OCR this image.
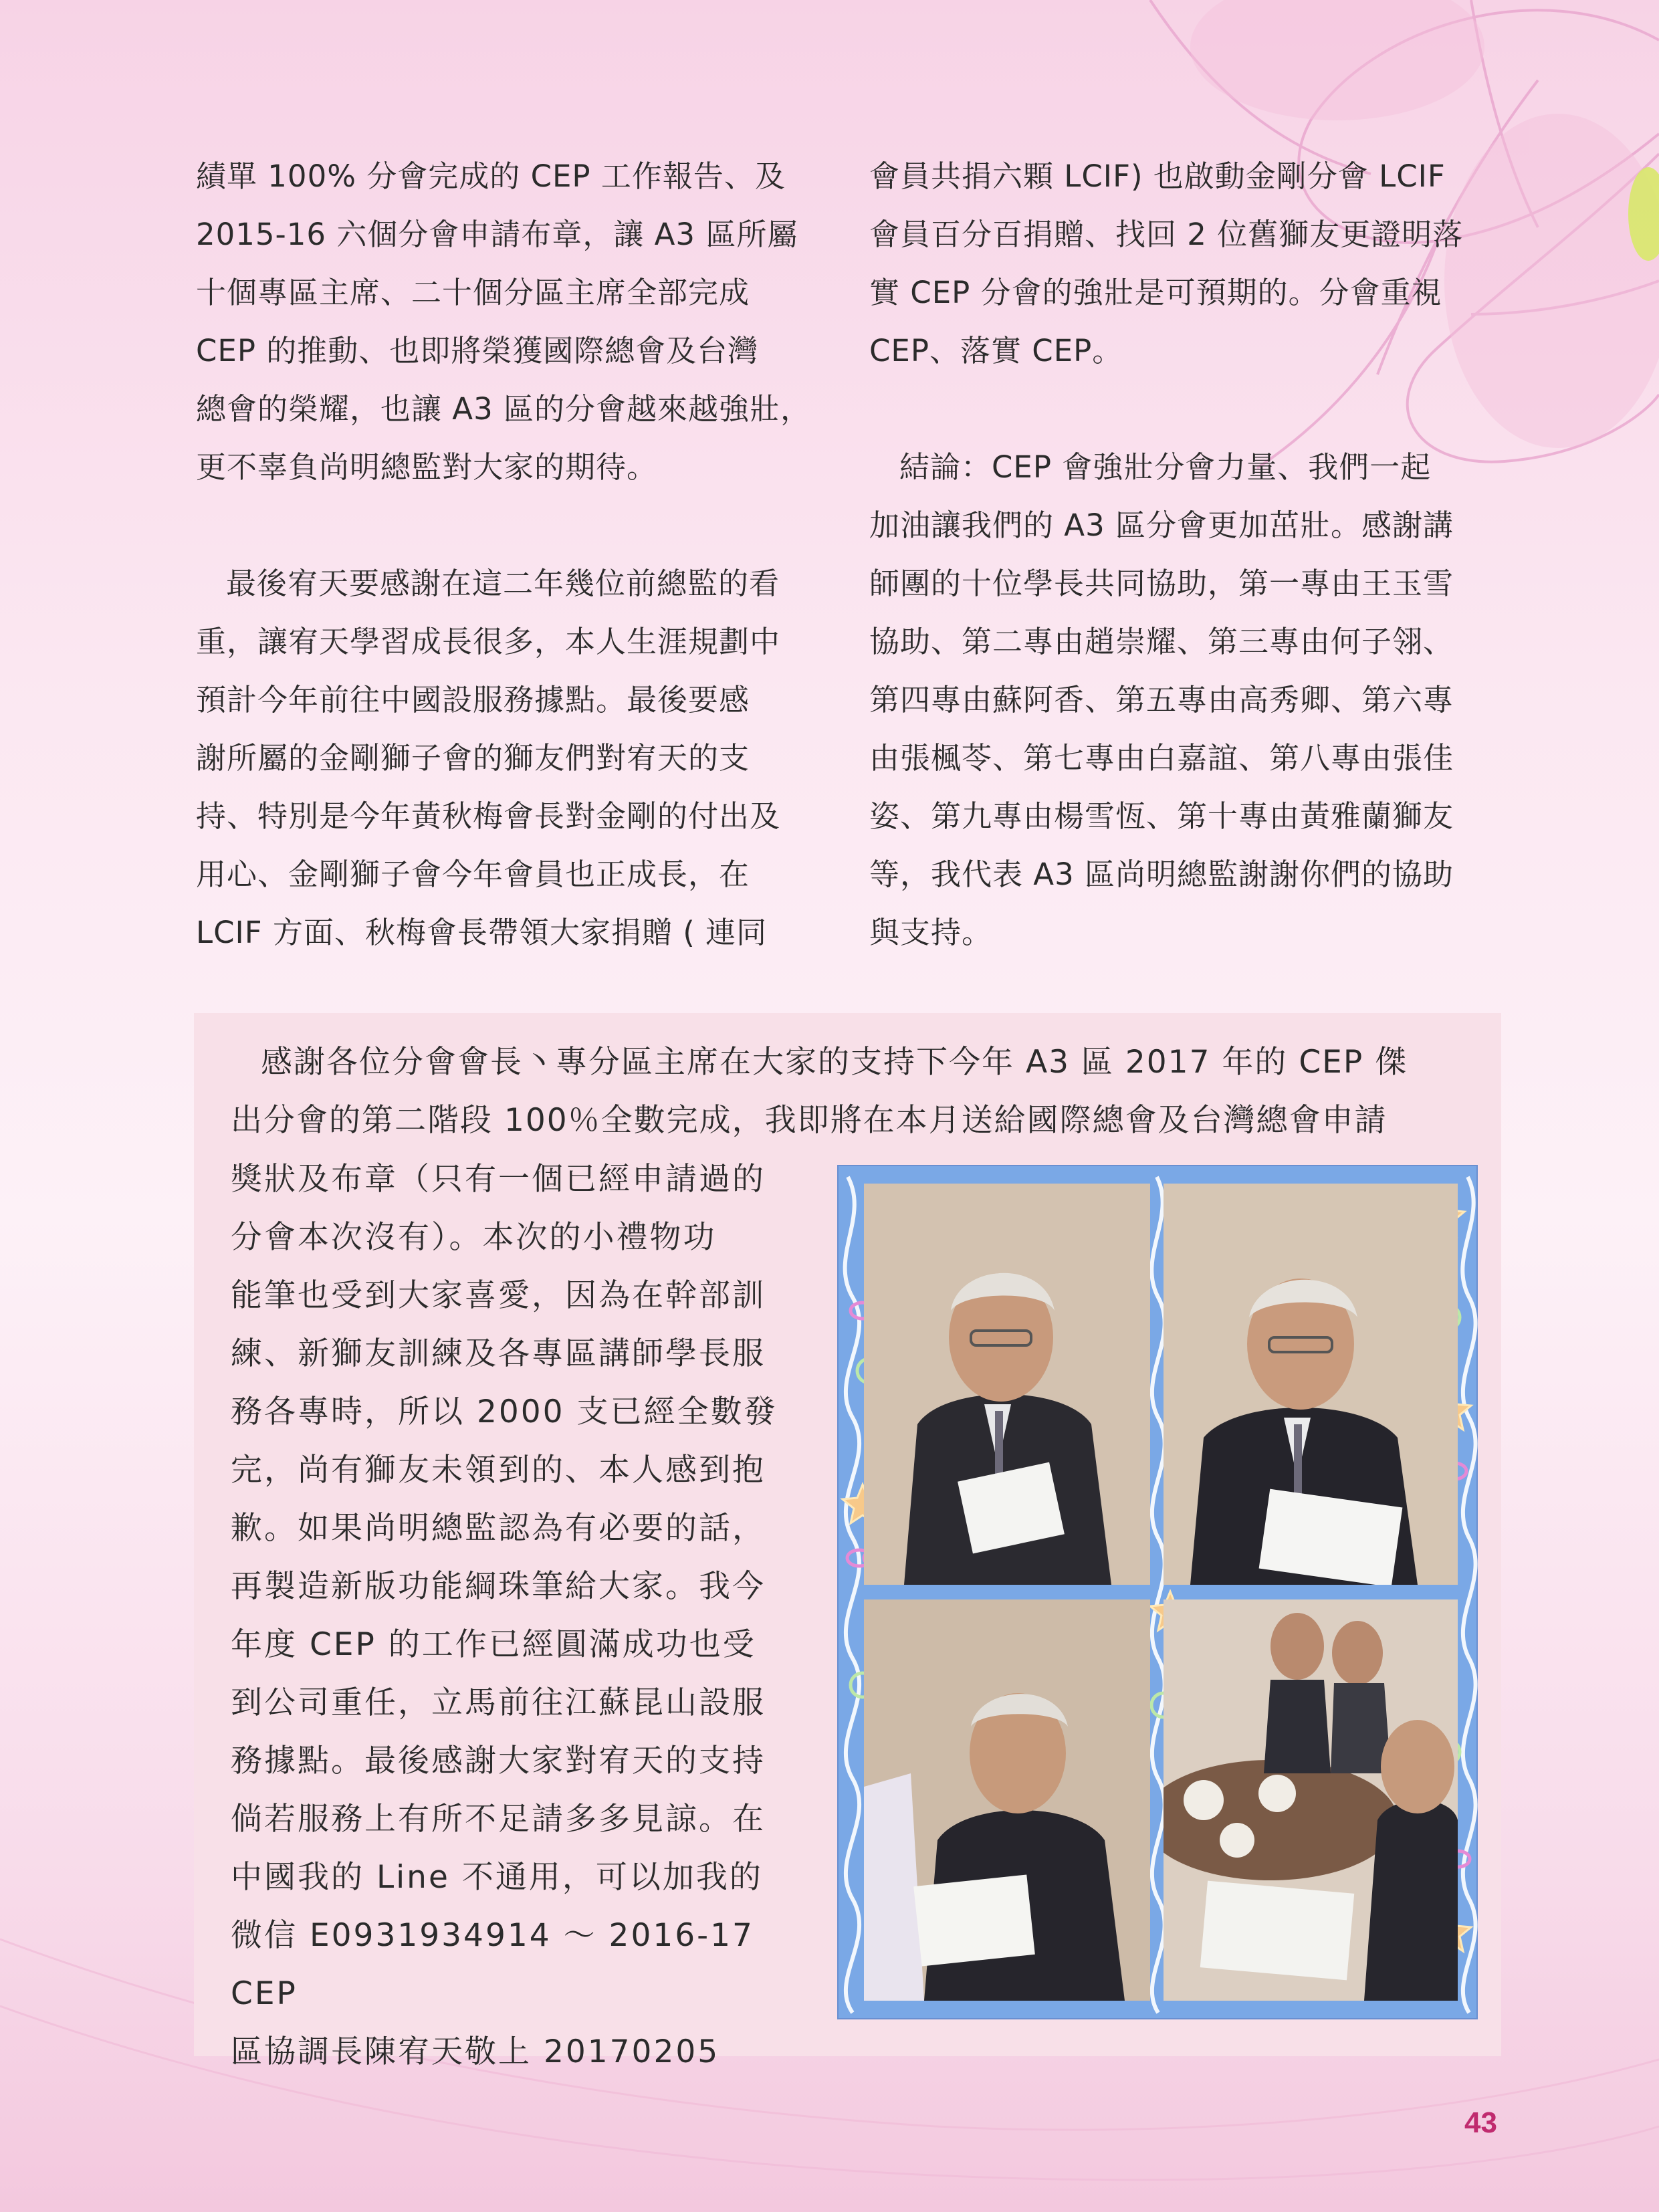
績單 100% 分會完成的 CEP 工作報告、及

2015-16 六個分會申請布章，讓 A3 區所屬

十個專區主席、二十個分區主席全部完成

CEP 的推動、也即將榮獲國際總會及台灣

總會的榮耀，也讓 A3 區的分會越來越強壯，

更不辜負尚明總監對大家的期待。

最後宥天要感謝在這二年幾位前總監的看

重，讓宥天學習成長很多，本人生涯規劃中

預計今年前往中國設服務據點。最後要感

謝所屬的金剛獅子會的獅友們對宥天的支

持、特別是今年黃秋梅會長對金剛的付出及

用心、金剛獅子會今年會員也正成長，在

LCIF 方面、秋梅會長帶領大家捐贈 ( 連同

會員共捐六顆 LCIF) 也啟動金剛分會 LCIF

會員百分百捐贈、找回 2 位舊獅友更證明落

實 CEP 分會的強壯是可預期的。分會重視

CEP、落實 CEP。

結論：CEP 會強壯分會力量、我們一起

加油讓我們的 A3 區分會更加茁壯。感謝講

師團的十位學長共同協助，第一專由王玉雪

協助、第二專由趙崇耀、第三專由何子翎、

第四專由蘇阿香、第五專由高秀卿、第六專

由張楓苓、第七專由白嘉誼、第八專由張佳

姿、第九專由楊雪恆、第十專由黃雅蘭獅友

等，我代表 A3 區尚明總監謝謝你們的協助

與支持。

感謝各位分會會長丶專分區主席在大家的支持下今年 A3 區 2017 年的 CEP 傑

出分會的第二階段 100％全數完成，我即將在本月送給國際總會及台灣總會申請

獎狀及布章（只有一個已經申請過的

分會本次沒有）。本次的小禮物功

能筆也受到大家喜愛，因為在幹部訓

練、新獅友訓練及各專區講師學長服

務各專時，所以 2000 支已經全數發

完，尚有獅友未領到的、本人感到抱

歉。如果尚明總監認為有必要的話，

再製造新版功能綱珠筆給大家。我今

年度 CEP 的工作已經圓滿成功也受

到公司重任，立馬前往江蘇昆山設服

務據點。最後感謝大家對宥天的支持

倘若服務上有所不足請多多見諒。在

中國我的 Line 不通用，可以加我的

微信 E0931934914 ～ 2016-17 CEP

區協調長陳宥天敬上 20170205

43
